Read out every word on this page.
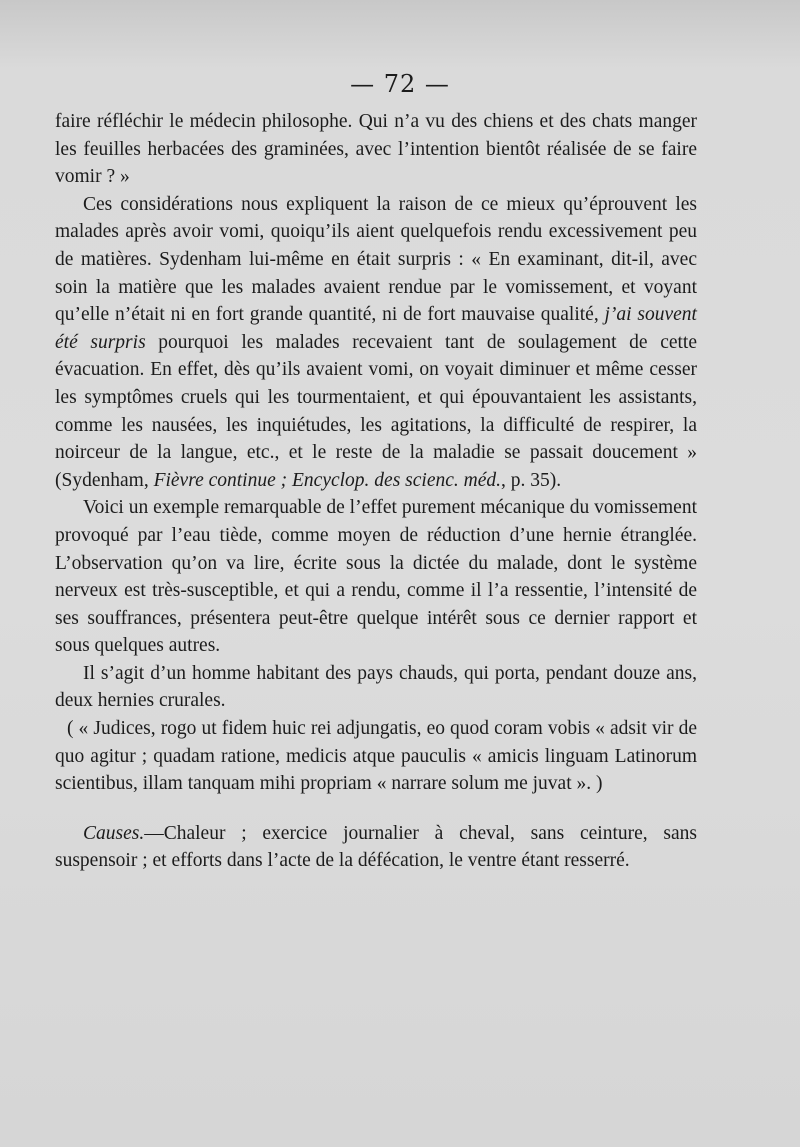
— 72 —

faire réfléchir le médecin philosophe. Qui n’a vu des chiens et des chats manger les feuilles herbacées des graminées, avec l’intention bientôt réalisée de se faire vomir ? »

Ces considérations nous expliquent la raison de ce mieux qu’éprouvent les malades après avoir vomi, quoiqu’ils aient quelquefois rendu excessivement peu de matières. Sydenham lui-même en était surpris : « En examinant, dit-il, avec soin la matière que les malades avaient rendue par le vomissement, et voyant qu’elle n’était ni en fort grande quantité, ni de fort mauvaise qualité, j’ai souvent été surpris pourquoi les malades recevaient tant de soulagement de cette évacuation. En effet, dès qu’ils avaient vomi, on voyait diminuer et même cesser les symptômes cruels qui les tourmentaient, et qui épouvantaient les assistants, comme les nausées, les inquiétudes, les agitations, la difficulté de respirer, la noirceur de la langue, etc., et le reste de la maladie se passait doucement » (Sydenham, Fièvre continue ; Encyclop. des scienc. méd., p. 35).

Voici un exemple remarquable de l’effet purement mécanique du vomissement provoqué par l’eau tiède, comme moyen de réduction d’une hernie étranglée. L’observation qu’on va lire, écrite sous la dictée du malade, dont le système nerveux est très-susceptible, et qui a rendu, comme il l’a ressentie, l’intensité de ses souffrances, présentera peut-être quelque intérêt sous ce dernier rapport et sous quelques autres.

Il s’agit d’un homme habitant des pays chauds, qui porta, pendant douze ans, deux hernies crurales.

( « Judices, rogo ut fidem huic rei adjungatis, eo quod coram vobis « adsit vir de quo agitur ; quadam ratione, medicis atque pauculis « amicis linguam Latinorum scientibus, illam tanquam mihi propriam « narrare solum me juvat ». )

Causes.—Chaleur ; exercice journalier à cheval, sans ceinture, sans suspensoir ; et efforts dans l’acte de la défécation, le ventre étant resserré.
